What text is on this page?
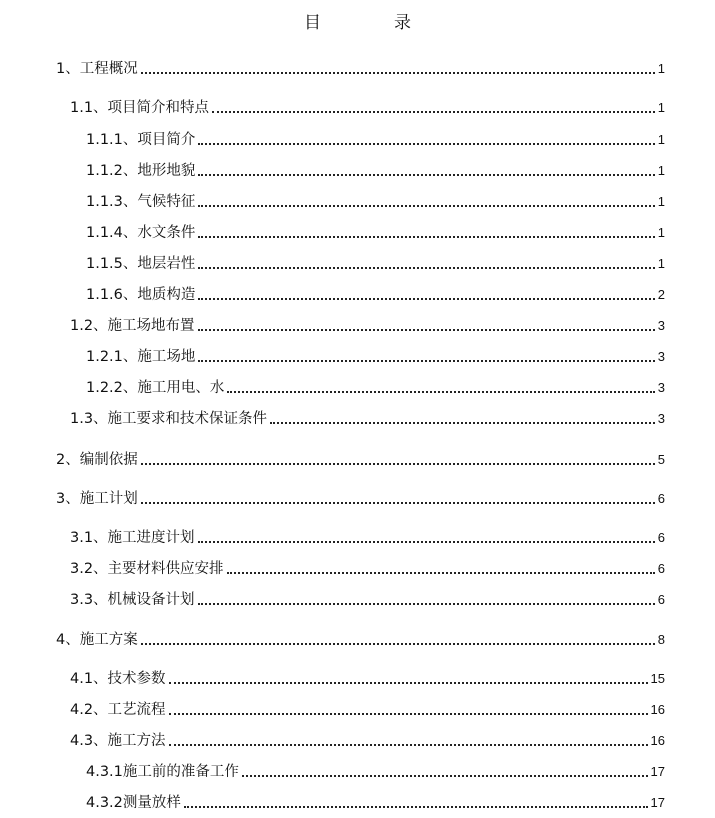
目　录
1、工程概况	1
1.1、项目简介和特点	1
1.1.1、项目简介	1
1.1.2、地形地貌	1
1.1.3、气候特征	1
1.1.4、水文条件	1
1.1.5、地层岩性	1
1.1.6、地质构造	2
1.2、施工场地布置	3
1.2.1、施工场地	3
1.2.2、施工用电、水	3
1.3、施工要求和技术保证条件	3
2、编制依据	5
3、施工计划	6
3.1、施工进度计划	6
3.2、主要材料供应安排	6
3.3、机械设备计划	6
4、施工方案	8
4.1、技术参数	15
4.2、工艺流程	16
4.3、施工方法	16
4.3.1施工前的准备工作	17
4.3.2测量放样	17
